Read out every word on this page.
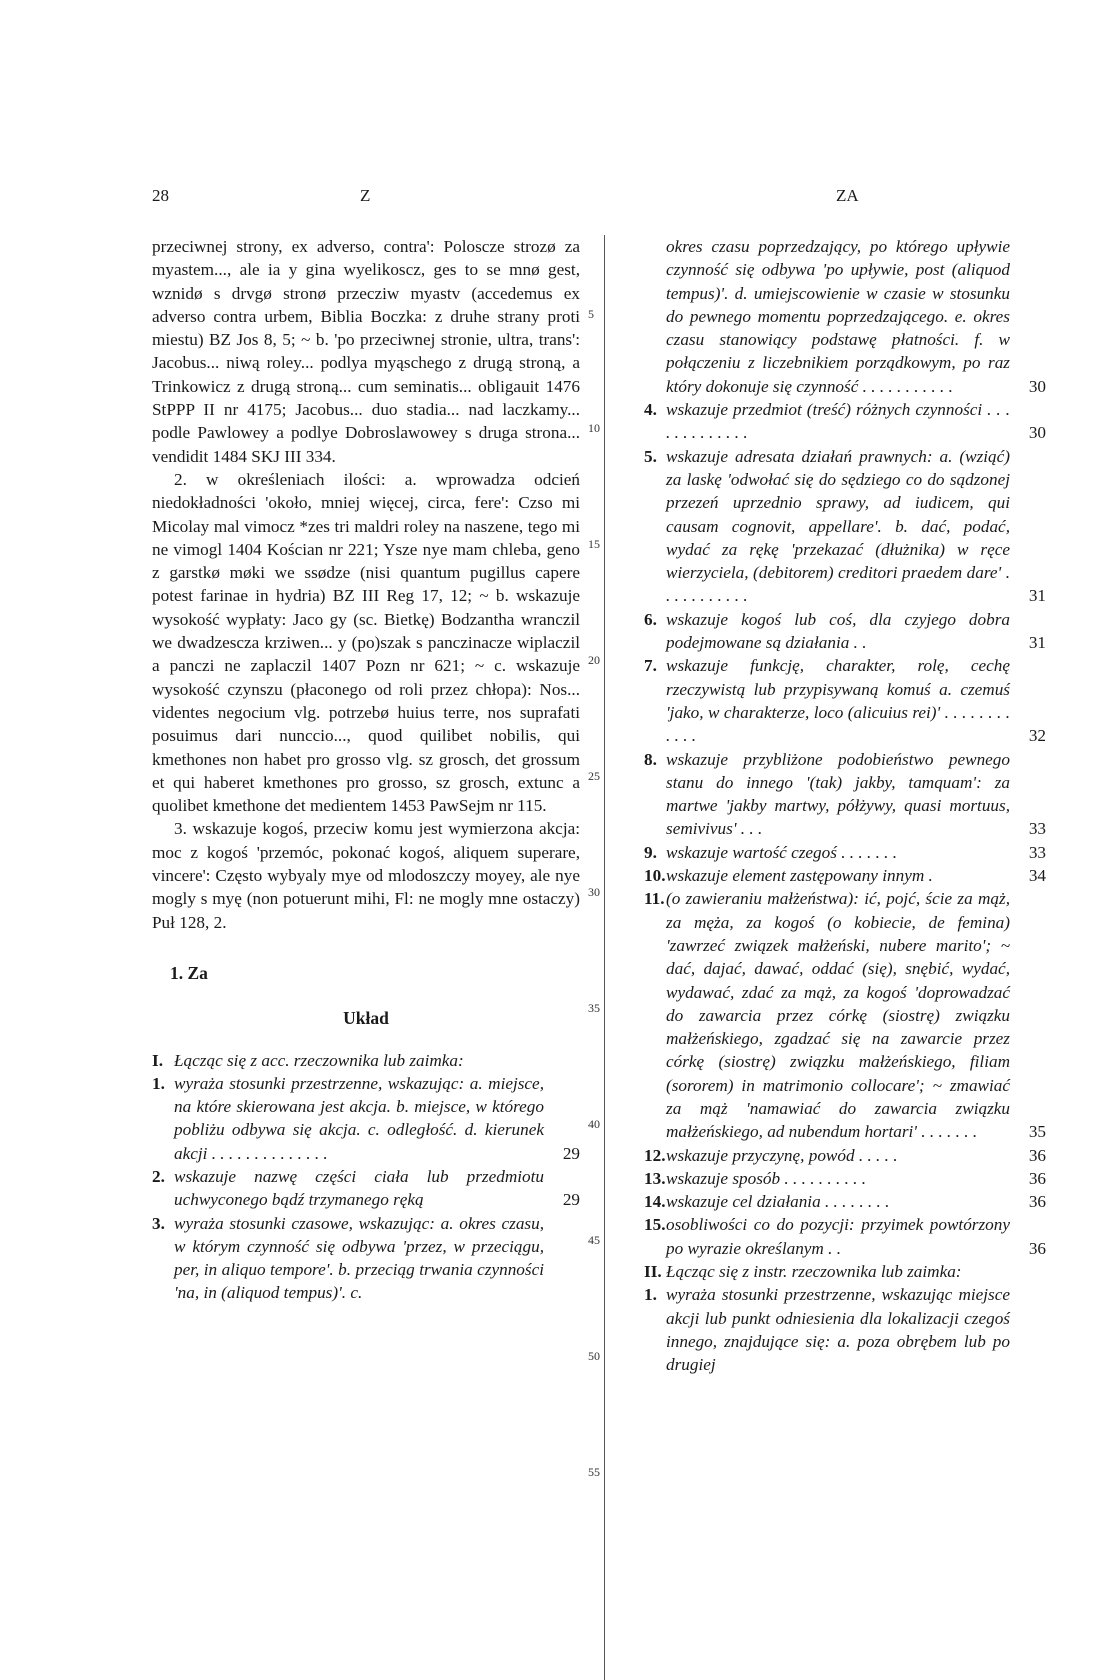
28	Z	ZA

przeciwnej strony, ex adverso, contra': Poloscze strozø za myastem..., ale ia y gina wyelikoscz, ges to se mnø gest, wznidø s drvgø stronø przecziw myastv (accedemus ex adverso contra urbem, Biblia Boczka: z druhe strany proti miestu) BZ Jos 8, 5; ~ b. 'po przeciwnej stronie, ultra, trans': Jacobus... niwą roley... podlya myąschego z drugą stroną, a Trinkowicz z drugą stroną... cum seminatis... obligauit 1476 StPPP II nr 4175; Jacobus... duo stadia... nad laczkamy... podle Pawlowey a podlye Dobroslawowey s druga strona... vendidit 1484 SKJ III 334.

2. w określeniach ilości: a. wprowadza odcień niedokładności 'około, mniej więcej, circa, fere': Czso mi Micolay mal vimocz *zes tri maldri roley na naszene, tego mi ne vimogl 1404 Kościan nr 221; Ysze nye mam chleba, geno z garstkø møki we ssødze (nisi quantum pugillus capere potest farinae in hydria) BZ III Reg 17, 12; ~ b. wskazuje wysokość wypłaty: Jaco gy (sc. Bietkę) Bodzantha wranczil we dwadzescza krziwen... y (po)szak s panczinacze wiplaczil a panczi ne zaplaczil 1407 Pozn nr 621; ~ c. wskazuje wysokość czynszu (płaconego od roli przez chłopa): Nos... videntes negocium vlg. potrzebø huius terre, nos suprafati posuimus dari nunccio..., quod quilibet nobilis, qui kmethones non habet pro grosso vlg. sz grosch, det grossum et qui haberet kmethones pro grosso, sz grosch, extunc a quolibet kmethone det medientem 1453 PawSejm nr 115.

3. wskazuje kogoś, przeciw komu jest wymierzona akcja: moc z kogoś 'przemóc, pokonać kogoś, aliquem superare, vincere': Często wybyaly mye od mlodoszczy moyey, ale nye mogly s myę (non potuerunt mihi, Fl: ne mogly mne ostaczy) Puł 128, 2.

1. Za
Układ
I. Łącząc się z acc. rzeczownika lub zaimka:
1. wyraża stosunki przestrzenne, wskazując: a. miejsce, na które skierowana jest akcja. b. miejsce, w którego pobliżu odbywa się akcja. c. odległość. d. kierunek akcji . . . . . . . . . . . . . .	29
2. wskazuje nazwę części ciała lub przedmiotu uchwyconego bądź trzymanego ręką	29
3. wyraża stosunki czasowe, wskazując: a. okres czasu, w którym czynność się odbywa 'przez, w przeciągu, per, in aliquo tempore'. b. przeciąg trwania czynności 'na, in (aliquod tempus)'. c.
5
10
15
20
25
30
35
40
45
50
55
okres czasu poprzedzający, po którego upływie czynność się odbywa 'po upływie, post (aliquod tempus)'. d. umiejscowienie w czasie w stosunku do pewnego momentu poprzedzającego. e. okres czasu stanowiący podstawę płatności. f. w połączeniu z liczebnikiem porządkowym, po raz który dokonuje się czynność . . . . . . . . . . .	30
4. wskazuje przedmiot (treść) różnych czynności . . . . . . . . . . . . .	30
5. wskazuje adresata działań prawnych: a. (wziąć) za laskę 'odwołać się do sędziego co do sądzonej przezeń uprzednio sprawy, ad iudicem, qui causam cognovit, appellare'. b. dać, podać, wydać za rękę 'przekazać (dłużnika) w ręce wierzyciela, (debitorem) creditori praedem dare' . . . . . . . . . . .	31
6. wskazuje kogoś lub coś, dla czyjego dobra podejmowane są działania . .	31
7. wskazuje funkcję, charakter, rolę, cechę rzeczywistą lub przypisywaną komuś a. czemuś 'jako, w charakterze, loco (alicuius rei)' . . . . . . . . . . . .	32
8. wskazuje przybliżone podobieństwo pewnego stanu do innego '(tak) jakby, tamquam': za martwe 'jakby martwy, półżywy, quasi mortuus, semivivus' . . .	33
9. wskazuje wartość czegoś . . . . . . .	33
10. wskazuje element zastępowany innym .	34
11. (o zawieraniu małżeństwa): ić, pojć, ście za mąż, za męża, za kogoś (o kobiecie, de femina) 'zawrzeć związek małżeński, nubere marito'; ~ dać, dajać, dawać, oddać (się), snębić, wydać, wydawać, zdać za mąż, za kogoś 'doprowadzać do zawarcia przez córkę (siostrę) związku małżeńskiego, zgadzać się na zawarcie przez córkę (siostrę) związku małżeńskiego, filiam (sororem) in matrimonio collocare'; ~ zmawiać za mąż 'namawiać do zawarcia związku małżeńskiego, ad nubendum hortari' . . . . . . .	35
12. wskazuje przyczynę, powód . . . . .	36
13. wskazuje sposób . . . . . . . . . .	36
14. wskazuje cel działania . . . . . . . .	36
15. osobliwości co do pozycji: przyimek powtórzony po wyrazie określanym . .	36
II. Łącząc się z instr. rzeczownika lub zaimka:
1. wyraża stosunki przestrzenne, wskazując miejsce akcji lub punkt odniesienia dla lokalizacji czegoś innego, znajdujące się: a. poza obrębem lub po drugiej
